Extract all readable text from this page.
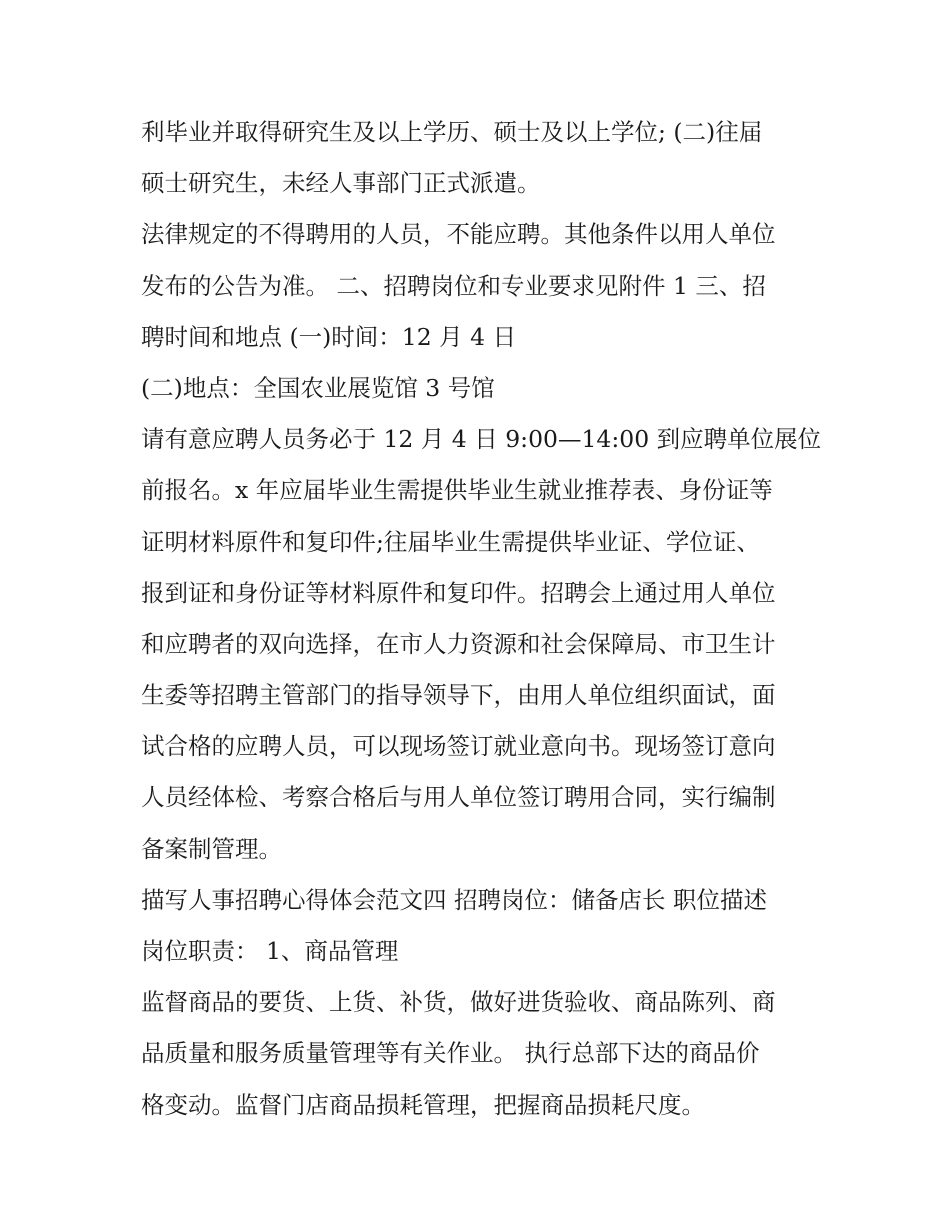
利毕业并取得研究生及以上学历、硕士及以上学位; (二)往届
硕士研究生，未经人事部门正式派遣。
法律规定的不得聘用的人员，不能应聘。其他条件以用人单位
发布的公告为准。 二、招聘岗位和专业要求见附件 1 三、招
聘时间和地点 (一)时间：12 月 4 日
(二)地点：全国农业展览馆 3 号馆
请有意应聘人员务必于 12 月 4 日 9:00—14:00 到应聘单位展位
前报名。x 年应届毕业生需提供毕业生就业推荐表、身份证等
证明材料原件和复印件;往届毕业生需提供毕业证、学位证、
报到证和身份证等材料原件和复印件。招聘会上通过用人单位
和应聘者的双向选择，在市人力资源和社会保障局、市卫生计
生委等招聘主管部门的指导领导下，由用人单位组织面试，面
试合格的应聘人员，可以现场签订就业意向书。现场签订意向
人员经体检、考察合格后与用人单位签订聘用合同，实行编制
备案制管理。
描写人事招聘心得体会范文四 招聘岗位：储备店长 职位描述
岗位职责： 1、商品管理
监督商品的要货、上货、补货，做好进货验收、商品陈列、商
品质量和服务质量管理等有关作业。 执行总部下达的商品价
格变动。监督门店商品损耗管理，把握商品损耗尺度。
